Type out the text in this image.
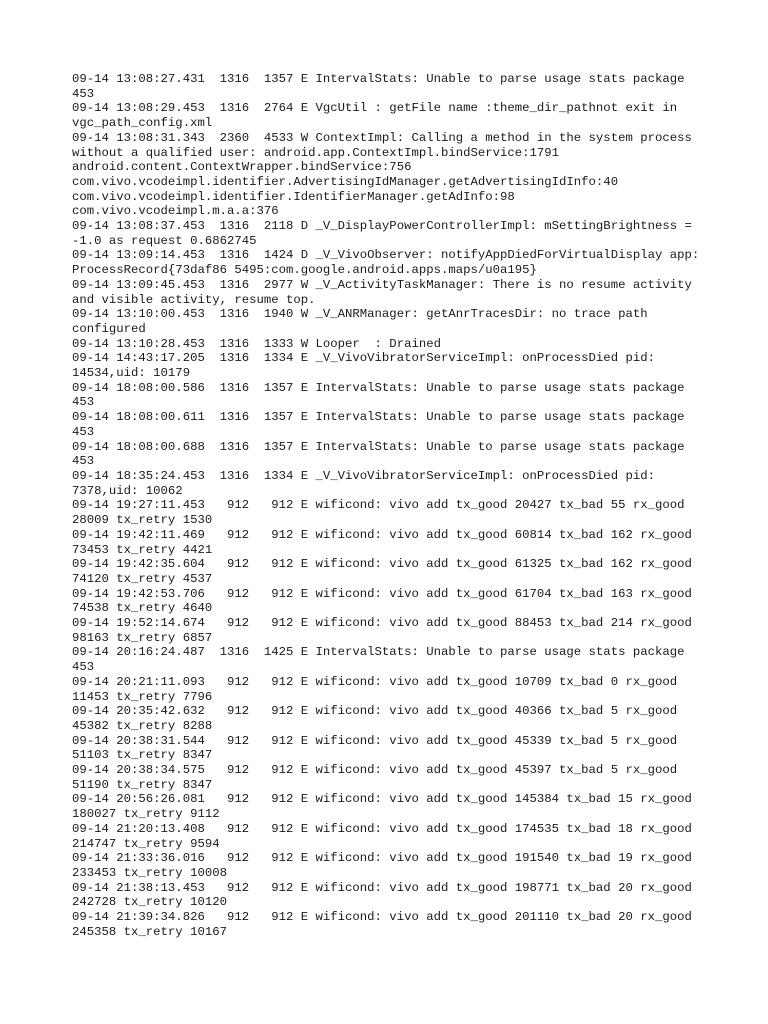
09-14 13:08:27.431  1316  1357 E IntervalStats: Unable to parse usage stats package 453

09-14 13:08:29.453  1316  2764 E VgcUtil : getFile name :theme_dir_pathnot exit in vgc_path_config.xml

09-14 13:08:31.343  2360  4533 W ContextImpl: Calling a method in the system process without a qualified user: android.app.ContextImpl.bindService:1791 android.content.ContextWrapper.bindService:756 com.vivo.vcodeimpl.identifier.AdvertisingIdManager.getAdvertisingIdInfo:40 com.vivo.vcodeimpl.identifier.IdentifierManager.getAdInfo:98 com.vivo.vcodeimpl.m.a.a:376

09-14 13:08:37.453  1316  2118 D _V_DisplayPowerControllerImpl: mSettingBrightness = -1.0 as request 0.6862745

09-14 13:09:14.453  1316  1424 D _V_VivoObserver: notifyAppDiedForVirtualDisplay app: ProcessRecord{73daf86 5495:com.google.android.apps.maps/u0a195}

09-14 13:09:45.453  1316  2977 W _V_ActivityTaskManager: There is no resume activity and visible activity, resume top.

09-14 13:10:00.453  1316  1940 W _V_ANRManager: getAnrTracesDir: no trace path configured

09-14 13:10:28.453  1316  1333 W Looper  : Drained

09-14 14:43:17.205  1316  1334 E _V_VivoVibratorServiceImpl: onProcessDied pid: 14534,uid: 10179

09-14 18:08:00.586  1316  1357 E IntervalStats: Unable to parse usage stats package 453

09-14 18:08:00.611  1316  1357 E IntervalStats: Unable to parse usage stats package 453

09-14 18:08:00.688  1316  1357 E IntervalStats: Unable to parse usage stats package 453

09-14 18:35:24.453  1316  1334 E _V_VivoVibratorServiceImpl: onProcessDied pid: 7378,uid: 10062

09-14 19:27:11.453   912   912 E wificond: vivo add tx_good 20427 tx_bad 55 rx_good 28009 tx_retry 1530

09-14 19:42:11.469   912   912 E wificond: vivo add tx_good 60814 tx_bad 162 rx_good 73453 tx_retry 4421

09-14 19:42:35.604   912   912 E wificond: vivo add tx_good 61325 tx_bad 162 rx_good 74120 tx_retry 4537

09-14 19:42:53.706   912   912 E wificond: vivo add tx_good 61704 tx_bad 163 rx_good 74538 tx_retry 4640

09-14 19:52:14.674   912   912 E wificond: vivo add tx_good 88453 tx_bad 214 rx_good 98163 tx_retry 6857

09-14 20:16:24.487  1316  1425 E IntervalStats: Unable to parse usage stats package 453

09-14 20:21:11.093   912   912 E wificond: vivo add tx_good 10709 tx_bad 0 rx_good 11453 tx_retry 7796

09-14 20:35:42.632   912   912 E wificond: vivo add tx_good 40366 tx_bad 5 rx_good 45382 tx_retry 8288

09-14 20:38:31.544   912   912 E wificond: vivo add tx_good 45339 tx_bad 5 rx_good 51103 tx_retry 8347

09-14 20:38:34.575   912   912 E wificond: vivo add tx_good 45397 tx_bad 5 rx_good 51190 tx_retry 8347

09-14 20:56:26.081   912   912 E wificond: vivo add tx_good 145384 tx_bad 15 rx_good 180027 tx_retry 9112

09-14 21:20:13.408   912   912 E wificond: vivo add tx_good 174535 tx_bad 18 rx_good 214747 tx_retry 9594

09-14 21:33:36.016   912   912 E wificond: vivo add tx_good 191540 tx_bad 19 rx_good 233453 tx_retry 10008

09-14 21:38:13.453   912   912 E wificond: vivo add tx_good 198771 tx_bad 20 rx_good 242728 tx_retry 10120

09-14 21:39:34.826   912   912 E wificond: vivo add tx_good 201110 tx_bad 20 rx_good 245358 tx_retry 10167
